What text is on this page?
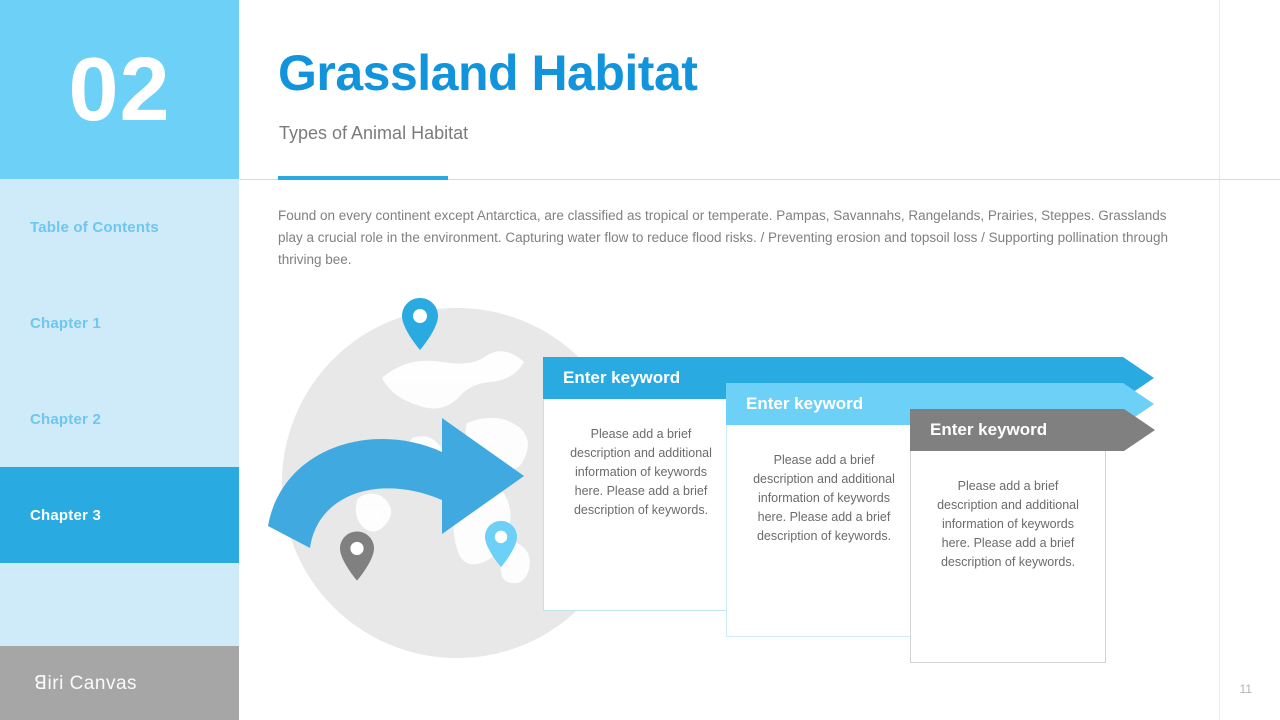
02
Table of Contents
Chapter 1
Chapter 2
Chapter 3
ꓭiri Canvas
Grassland Habitat
Types of Animal Habitat
Found on every continent except Antarctica, are classified as tropical or temperate. Pampas, Savannahs, Rangelands, Prairies, Steppes. Grasslands play a crucial role in the environment. Capturing water flow to reduce flood risks. / Preventing erosion and topsoil loss / Supporting pollination through thriving bee.
Enter keyword
Please add a brief description and additional information of keywords here. Please add a brief description of keywords.
Enter keyword
Please add a brief description and additional information of keywords here. Please add a brief description of keywords.
Enter keyword
Please add a brief description and additional information of keywords here. Please add a brief description of keywords.
11
